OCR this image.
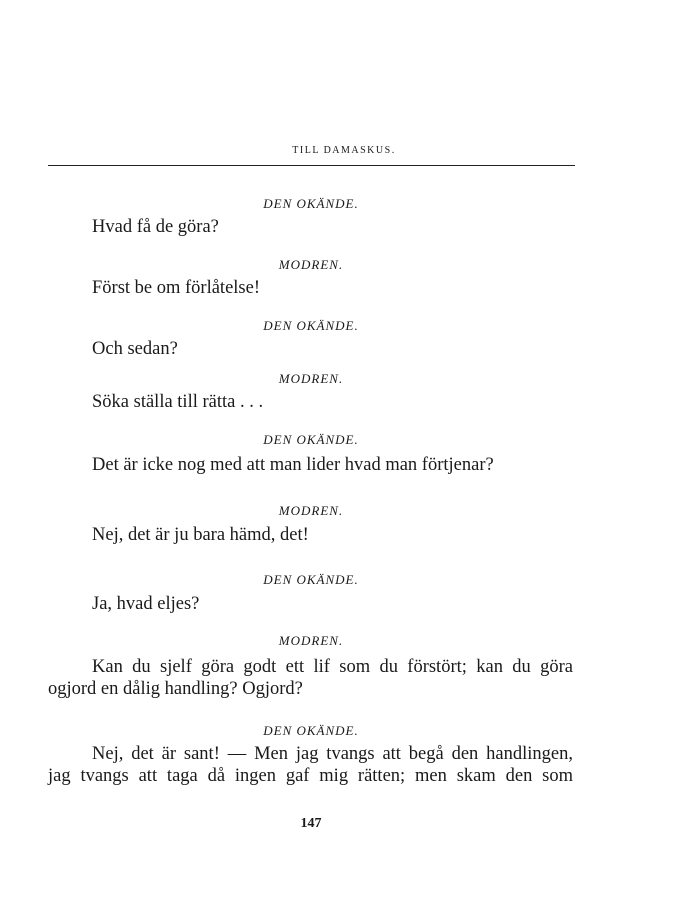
TILL DAMASKUS.
DEN OKÄNDE.
Hvad få de göra?
MODREN.
Först be om förlåtelse!
DEN OKÄNDE.
Och sedan?
MODREN.
Söka ställa till rätta . . .
DEN OKÄNDE.
Det är icke nog med att man lider hvad man förtjenar?
MODREN.
Nej, det är ju bara hämd, det!
DEN OKÄNDE.
Ja, hvad eljes?
MODREN.
Kan du sjelf göra godt ett lif som du förstört; kan du göra
ogjord en dålig handling? Ogjord?
DEN OKÄNDE.
Nej, det är sant! — Men jag tvangs att begå den handlingen,
jag tvangs att taga då ingen gaf mig rätten; men skam den som
147
